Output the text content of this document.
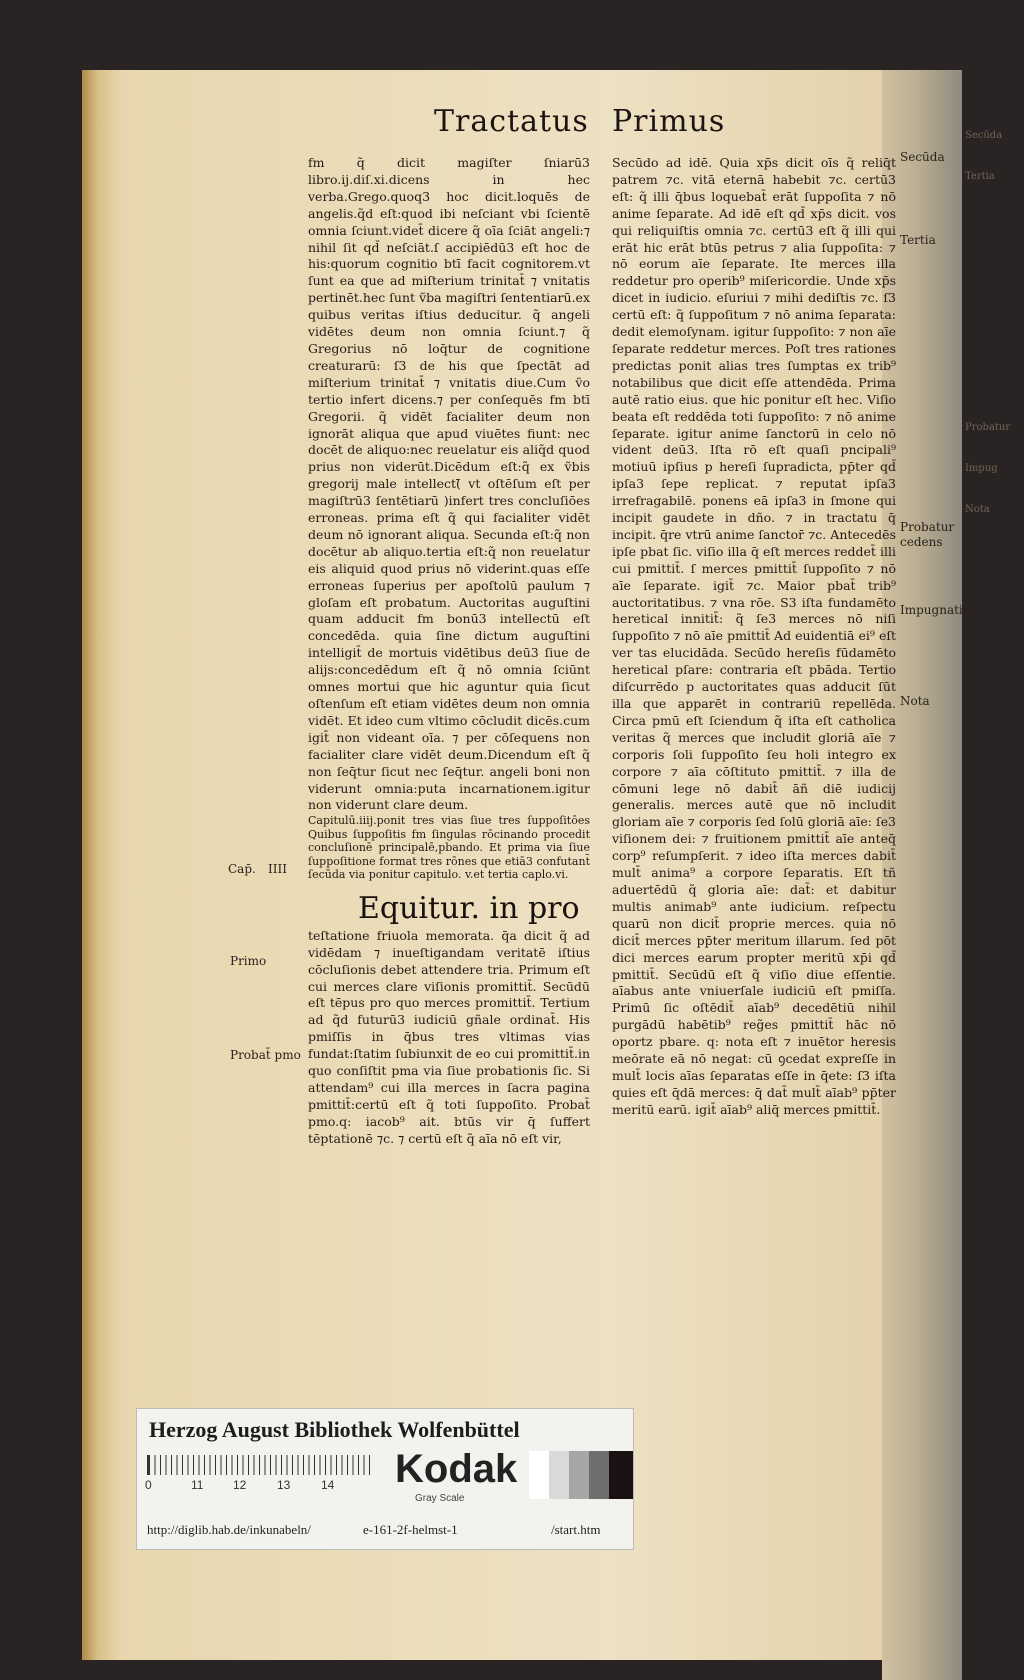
Tractatus Primus

fm q̃ dicit magiſter ſniarū3 libro.ij.diſ.xi.dicens in hec verba.Grego.quoq3 hoc dicit.loquēs de angelis.q̃d eſt:quod ibi neſciant vbi ſcientē omnia ſciunt.videt̄ dicere q̃ oīa ſciāt angeli:⁊ nihil ſit qd̄ neſciāt.ſ accipiēdū3 eſt hoc de his:quorum cognitio btī facit cognitorem.vt ſunt ea que ad miſterium trinitat̄ ⁊ vnitatis pertinēt.hec ſunt ṽba magiſtri ſententiarū.ex quibus veritas iſtius deducitur. q̃ angeli vidētes deum non omnia ſciunt.⁊ q̃ Gregorius nō loq̄tur de cognitione creaturarū: ſ3 de his que ſpectāt ad miſterium trinitat̄ ⁊ vnitatis diue.Cum ṽo tertio infert dicens.⁊ per conſequēs fm btī Gregorii. q̃ vidēt facialiter deum non ignorāt aliqua que apud viuētes fiunt: nec docēt de aliquo:nec reuelatur eis aliq̃d quod prius non viderūt.Dicēdum eſt:q̃ ex ṽbis gregorij male intellect(̄ vt oſtēſum eſt per magiſtrū3 ſentētiarū )infert tres concluſiōes erroneas. prima eſt q̃ qui facialiter vidēt deum nō ignorant aliqua. Secunda eſt:q̃ non docētur ab aliquo.tertia eſt:q̃ non reuelatur eis aliquid quod prius nō viderint.quas eſſe erroneas ſuperius per apoſtolū paulum ⁊ gloſam eſt probatum. Auctoritas auguſtini quam adducit fm bonū3 intellectū eſt concedēda. quia ſine dictum auguſtini intelligit̄ de mortuis vidētibus deū3 ſiue de alijs:concedēdum eſt q̃ nō omnia ſciūnt omnes mortui que hic aguntur quia ſicut oſtenſum eſt etiam vidētes deum non omnia vidēt. Et ideo cum vltimo cōcludit dicēs.cum igit̄ non videant oīa. ⁊ per cōſequens non facialiter clare vidēt deum.Dicendum eſt q̃ non ſeq̄tur ſicut nec ſeq̄tur. angeli boni non viderunt omnia:puta incarnationem.igitur non viderunt clare deum.

Capitulū.iiij.ponit tres vias ſiue tres ſuppoſitōes Quibus ſuppoſitis fm ſingulas rōcinando procedit concluſionē principalē,pbando. Et prima via ſiue ſuppoſitione format tres rōnes que etiā3 confutant̄ ſecūda via ponitur capitulo. v.et tertia caplo.vi.

Equitur. in pro

teſtatione friuola memorata. q̄a dicit q̃ ad vidēdam ⁊ inueſtigandam veritatē iſtius cōcluſionis debet attendere tria. Primum eſt cui merces clare viſionis promittit̄. Secūdū eſt tēpus pro quo merces promittit̄. Tertium ad q̃d futurū3 iudiciū gñale ordinat̄. His pmiſſis in q̄bus tres vltimas vias fundat:ſtatim ſubiunxit de eo cui promittit̄.in quo conſiſtit pma via ſiue probationis ſic. Si attendam⁹ cui illa merces in ſacra pagina pmittit̄:certū eſt q̃ toti ſuppoſito. Probat̄ pmo.q: iacob⁹ ait. btūs vir q̄ ſuffert tēptationē ⁊c. ⁊ certū eſt q̃ aīa nō eſt vir,

Secūdo ad idē. Quia xp̄s dicit oīs q̃ reliq̄t patrem ⁊c. vitā eternā habebit ⁊c. certū3 eſt: q̃ illi q̄bus loquebat̄ erāt ſuppoſita ⁊ nō anime ſeparate. Ad idē eſt qd̄ xp̄s dicit. vos qui reliquiſtis omnia ⁊c. certū3 eſt q̃ illi qui erāt hic erāt btūs petrus ⁊ alia ſuppoſita: ⁊ nō eorum aīe ſeparate. Ite merces illa reddetur pro operib⁹ miſericordie. Unde xp̄s dicet in iudicio. eſuriui ⁊ mihi dediſtis ⁊c. ſ3 certū eſt: q̃ ſuppoſitum ⁊ nō anima ſeparata: dedit elemoſynam. igitur ſuppoſito: ⁊ non aīe ſeparate reddetur merces. Poſt tres rationes predictas ponit alias tres ſumptas ex trib⁹ notabilibus que dicit eſſe attendēda. Prima autē ratio eius. que hic ponitur eſt hec. Viſio beata eſt reddēda toti ſuppoſito: ⁊ nō anime ſeparate. igitur anime ſanctorū in celo nō vident deū3. Iſta rō eſt quaſi pncipali⁹ motiuū ipſius p hereſi ſupradicta, pp̄ter qd̄ ipſa3 ſepe replicat. ⁊ reputat ipſa3 irrefragabilē. ponens eā ipſa3 in ſmone qui incipit gaudete in dño. ⁊ in tractatu q̄ incipit. q̄re vtrū anime ſanctor̄ ⁊c. Antecedēs ipſe pbat ſic. viſio illa q̄ eſt merces reddet̄ illi cui pmittit̄. ſ merces pmittit̄ ſuppoſito ⁊ nō aīe ſeparate. igit̄ ⁊c. Maior pbat̄ trib⁹ auctoritatibus. ⁊ vna rōe. S3 iſta fundamēto heretical innitit̄: q̃ ſe3 merces nō niſi ſuppoſito ⁊ nō aīe pmittit̄ Ad euidentiā ei⁹ eſt ver tas elucidāda. Secūdo hereſis fūdamēto heretical pſare: contraria eſt pbāda. Tertio diſcurrēdo p auctoritates quas adducit ſūt illa que apparēt in contrariū repellēda. Circa pmū eſt ſciendum q̃ iſta eſt catholica veritas q̃ merces que includit gloriā aīe ⁊ corporis ſoli ſuppoſito ſeu holi integro ex corpore ⁊ aīa cōſtituto pmittit̄. ⁊ illa de cōmuni lege nō dabit̄ āñ diē iudicij generalis. merces autē que nō includit gloriam aīe ⁊ corporis ſed ſolū gloriā aīe: ſe3 viſionem dei: ⁊ fruitionem pmittit̄ aīe anteq̄ corp⁹ reſumpſerit. ⁊ ideo iſta merces dabit̄ mult̄ anima⁹ a corpore ſeparatis. Eſt tñ aduertēdū q̃ gloria aīe: dat̄: et dabitur multis animab⁹ ante iudicium. reſpectu quarū non dicit̄ proprie merces. quia nō dicit̄ merces pp̄ter meritum illarum. ſed pōt dici merces earum propter meritū xp̄i qd̄ pmittit̄. Secūdū eſt q̃ viſio diue eſſentie. aīabus ante vniuerſale iudiciū eſt pmiſſa. Primū ſic oſtēdit̄ aīab⁹ decedētiū nihil purgādū habētib⁹ reg̃es pmittit̄ hāc nō oportz pbare. q: nota eſt ⁊ inuētor heresis meōrate eā nō negat: cū ꝯcedat expreſſe in mult̄ locis aīas ſeparatas eſſe in q̄ete: ſ3 iſta quies eſt q̄dā merces: q̄ dat̄ mult̄ aīab⁹ pp̄ter meritū earū. igit̄ aīab⁹ aliq̄ merces pmittit̄.

Cap̄. IIII
Primo
Probat̄ pmo
Secūda
Tertia
Probatur
cedens
Impugnatio
Nota
Secūda
Tertia
Probatur
Impug
Nota
Herzog August Bibliothek Wolfenbüttel
0	11 12	13	14 Kodak
Gray Scale
http://diglib.hab.de/inkunabeln/	e-161-2f-helmst-1	/start.htm
